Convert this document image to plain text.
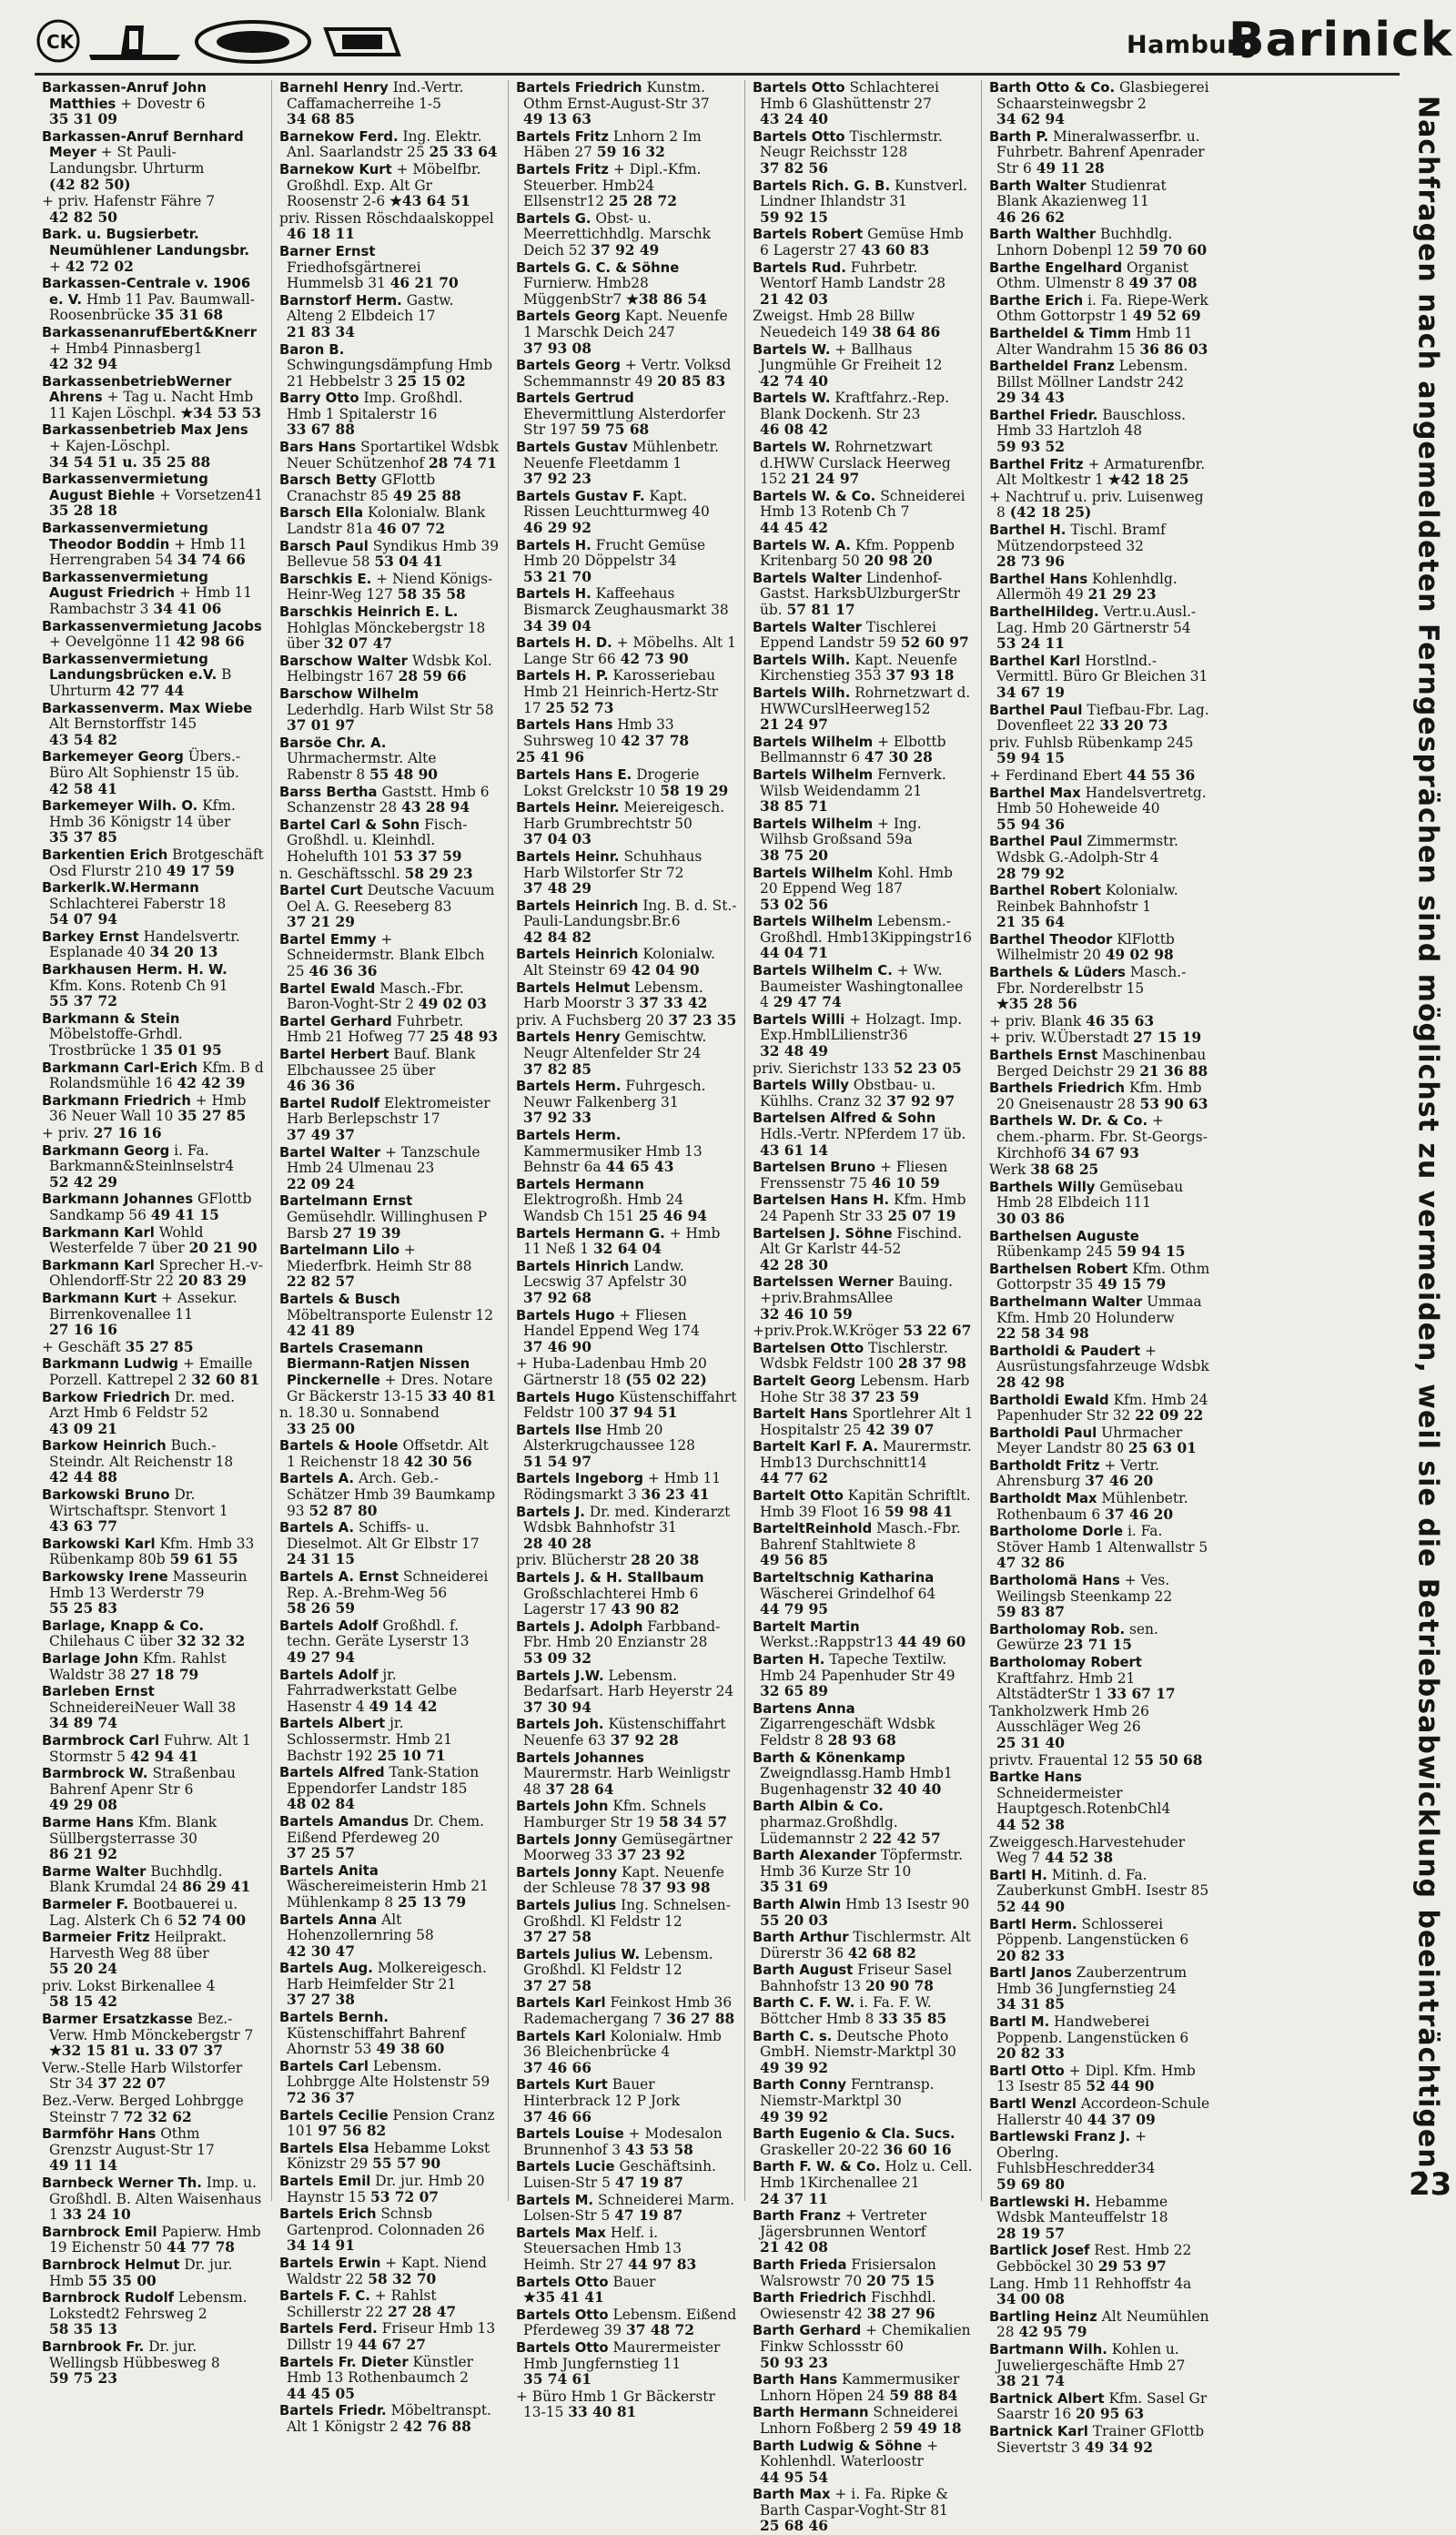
CK	Hamburg
Barinick
Barkassen-Anruf John Matthies + Dovestr 6 35 31 09
Barkassen-Anruf Bernhard Meyer + St Pauli-Landungsbr. Uhrturm (42 82 50)
+ priv. Hafenstr Fähre 7 42 82 50
Bark. u. Bugsierbetr. Neumühlener Landungsbr. + 42 72 02
Barkassen-Centrale v. 1906 e. V. Hmb 11 Pav. Baumwall-Roosenbrücke 35 31 68
BarkassenanrufEbert&Knerr + Hmb4 Pinnasberg1 42 32 94
BarkassenbetriebWerner Ahrens + Tag u. Nacht Hmb 11 Kajen Löschpl. ★34 53 53
Barkassenbetrieb Max Jens + Kajen-Löschpl. 34 54 51 u. 35 25 88
Barkassenvermietung August Biehle + Vorsetzen41 35 28 18
Barkassenvermietung Theodor Boddin + Hmb 11 Herrengraben 54 34 74 66
Barkassenvermietung August Friedrich + Hmb 11 Rambachstr 3 34 41 06
Barkassenvermietung Jacobs + Oevelgönne 11 42 98 66
Barkassenvermietung Landungsbrücken e.V. B Uhrturm 42 77 44
Barkassenverm. Max Wiebe Alt Bernstorffstr 145 43 54 82
Barkemeyer Georg Übers.-Büro Alt Sophienstr 15 üb. 42 58 41
Barkemeyer Wilh. O. Kfm. Hmb 36 Königstr 14 über 35 37 85
Barkentien Erich Brotgeschäft Osd Flurstr 210 49 17 59
Barkerlk.W.Hermann Schlachterei Faberstr 18 54 07 94
Barkey Ernst Handelsvertr. Esplanade 40 34 20 13
Barkhausen Herm. H. W. Kfm. Kons. Rotenb Ch 91 55 37 72
Barkmann & Stein Möbelstoffe-Grhdl. Trostbrücke 1 35 01 95
Barkmann Carl-Erich Kfm. B d Rolandsmühle 16 42 42 39
Barkmann Friedrich + Hmb 36 Neuer Wall 10 35 27 85
+ priv. 27 16 16
Barkmann Georg i. Fa. Barkmann&Steinlnselstr4 52 42 29
Barkmann Johannes GFlottb Sandkamp 56 49 41 15
Barkmann Karl Wohld Westerfelde 7 über 20 21 90
Barkmann Karl Sprecher H.-v-Ohlendorff-Str 22 20 83 29
Barkmann Kurt + Assekur. Birrenkovenallee 11 27 16 16
+ Geschäft 35 27 85
Barkmann Ludwig + Emaille Porzell. Kattrepel 2 32 60 81
Barkow Friedrich Dr. med. Arzt Hmb 6 Feldstr 52 43 09 21
Barkow Heinrich Buch.-Steindr. Alt Reichenstr 18 42 44 88
Barkowski Bruno Dr. Wirtschaftspr. Stenvort 1 43 63 77
Barkowski Karl Kfm. Hmb 33 Rübenkamp 80b 59 61 55
Barkowsky Irene Masseurin Hmb 13 Werderstr 79 55 25 83
Barlage, Knapp & Co. Chilehaus C über 32 32 32
Barlage John Kfm. Rahlst Waldstr 38 27 18 79
Barleben Ernst SchneidereiNeuer Wall 38 34 89 74
Barmbrock Carl Fuhrw. Alt 1 Stormstr 5 42 94 41
Barmbrock W. Straßenbau Bahrenf Apenr Str 6 49 29 08
Barme Hans Kfm. Blank Süllbergsterrasse 30 86 21 92
Barme Walter Buchhdlg. Blank Krumdal 24 86 29 41
Barmeler F. Bootbauerei u. Lag. Alsterk Ch 6 52 74 00
Barmeier Fritz Heilprakt. Harvesth Weg 88 über 55 20 24
priv. Lokst Birkenallee 4 58 15 42
Barmer Ersatzkasse Bez.-Verw. Hmb Mönckebergstr 7 ★32 15 81 u. 33 07 37
Verw.-Stelle Harb Wilstorfer Str 34 37 22 07
Bez.-Verw. Berged Lohbrgge Steinstr 7 72 32 62
Barmföhr Hans Othm Grenzstr August-Str 17 49 11 14
Barnbeck Werner Th. Imp. u. Großhdl. B. Alten Waisenhaus 1 33 24 10
Barnbrock Emil Papierw. Hmb 19 Eichenstr 50 44 77 78
Barnbrock Helmut Dr. jur. Hmb 55 35 00
Barnbrock Rudolf Lebensm. Lokstedt2 Fehrsweg 2 58 35 13
Barnbrook Fr. Dr. jur. Wellingsb Hübbesweg 8 59 75 23
Barnehl Henry Ind.-Vertr. Caffamacherreihe 1-5 34 68 85
Barnekow Ferd. Ing. Elektr. Anl. Saarlandstr 25 25 33 64
Barnekow Kurt + Möbelfbr. Großhdl. Exp. Alt Gr Roosenstr 2-6 ★43 64 51
priv. Rissen Röschdaalskoppel 46 18 11
Barner Ernst Friedhofsgärtnerei Hummelsb 31 46 21 70
Barnstorf Herm. Gastw. Alteng 2 Elbdeich 17 21 83 34
Baron B. Schwingungsdämpfung Hmb 21 Hebbelstr 3 25 15 02
Barry Otto Imp. Großhdl. Hmb 1 Spitalerstr 16 33 67 88
Bars Hans Sportartikel Wdsbk Neuer Schützenhof 28 74 71
Barsch Betty GFlottb Cranachstr 85 49 25 88
Barsch Ella Kolonialw. Blank Landstr 81a 46 07 72
Barsch Paul Syndikus Hmb 39 Bellevue 58 53 04 41
Barschkis E. + Niend Königs-Heinr-Weg 127 58 35 58
Barschkis Heinrich E. L. Hohlglas Mönckebergstr 18 über 32 07 47
Barschow Walter Wdsbk Kol. Helbingstr 167 28 59 66
Barschow Wilhelm Lederhdlg. Harb Wilst Str 58 37 01 97
Barsöe Chr. A. Uhrmachermstr. Alte Rabenstr 8 55 48 90
Barss Bertha Gaststt. Hmb 6 Schanzenstr 28 43 28 94
Bartel Carl & Sohn Fisch-Großhdl. u. Kleinhdl. Hohelufth 101 53 37 59
n. Geschäftsschl. 58 29 23
Bartel Curt Deutsche Vacuum Oel A. G. Reeseberg 83 37 21 29
Bartel Emmy + Schneidermstr. Blank Elbch 25 46 36 36
Bartel Ewald Masch.-Fbr. Baron-Voght-Str 2 49 02 03
Bartel Gerhard Fuhrbetr. Hmb 21 Hofweg 77 25 48 93
Bartel Herbert Bauf. Blank Elbchaussee 25 über 46 36 36
Bartel Rudolf Elektromeister Harb Berlepschstr 17 37 49 37
Bartel Walter + Tanzschule Hmb 24 Ulmenau 23 22 09 24
Bartelmann Ernst Gemüsehdlr. Willinghusen P Barsb 27 19 39
Bartelmann Lilo + Miederfbrk. Heimh Str 88 22 82 57
Bartels & Busch Möbeltransporte Eulenstr 12 42 41 89
Bartels Crasemann Biermann-Ratjen Nissen Pinckernelle + Dres. Notare Gr Bäckerstr 13-15 33 40 81
n. 18.30 u. Sonnabend 33 25 00
Bartels & Hoole Offsetdr. Alt 1 Reichenstr 18 42 30 56
Bartels A. Arch. Geb.-Schätzer Hmb 39 Baumkamp 93 52 87 80
Bartels A. Schiffs- u. Dieselmot. Alt Gr Elbstr 17 24 31 15
Bartels A. Ernst Schneiderei Rep. A.-Brehm-Weg 56 58 26 59
Bartels Adolf Großhdl. f. techn. Geräte Lyserstr 13 49 27 94
Bartels Adolf jr. Fahrradwerkstatt Gelbe Hasenstr 4 49 14 42
Bartels Albert jr. Schlossermstr. Hmb 21 Bachstr 192 25 10 71
Bartels Alfred Tank-Station Eppendorfer Landstr 185 48 02 84
Bartels Amandus Dr. Chem. Eißend Pferdeweg 20 37 25 57
Bartels Anita Wäschereimeisterin Hmb 21 Mühlenkamp 8 25 13 79
Bartels Anna Alt Hohenzollernring 58 42 30 47
Bartels Aug. Molkereigesch. Harb Heimfelder Str 21 37 27 38
Bartels Bernh. Küstenschiffahrt Bahrenf Ahornstr 53 49 38 60
Bartels Carl Lebensm. Lohbrgge Alte Holstenstr 59 72 36 37
Bartels Cecilie Pension Cranz 101 97 56 82
Bartels Elsa Hebamme Lokst Könizstr 29 55 57 90
Bartels Emil Dr. jur. Hmb 20 Haynstr 15 53 72 07
Bartels Erich Schnsb Gartenprod. Colonnaden 26 34 14 91
Bartels Erwin + Kapt. Niend Waldstr 22 58 32 70
Bartels F. C. + Rahlst Schillerstr 22 27 28 47
Bartels Ferd. Friseur Hmb 13 Dillstr 19 44 67 27
Bartels Fr. Dieter Künstler Hmb 13 Rothenbaumch 2 44 45 05
Bartels Friedr. Möbeltranspt. Alt 1 Königstr 2 42 76 88
Bartels Friedrich Kunstm. Othm Ernst-August-Str 37 49 13 63
Bartels Fritz Lnhorn 2 Im Häben 27 59 16 32
Bartels Fritz + Dipl.-Kfm. Steuerber. Hmb24 Ellsenstr12 25 28 72
Bartels G. Obst- u. Meerrettichhdlg. Marschk Deich 52 37 92 49
Bartels G. C. & Söhne Furnierw. Hmb28 MüggenbStr7 ★38 86 54
Bartels Georg Kapt. Neuenfe 1 Marschk Deich 247 37 93 08
Bartels Georg + Vertr. Volksd Schemmannstr 49 20 85 83
Bartels Gertrud Ehevermittlung Alsterdorfer Str 197 59 75 68
Bartels Gustav Mühlenbetr. Neuenfe Fleetdamm 1 37 92 23
Bartels Gustav F. Kapt. Rissen Leuchtturmweg 40 46 29 92
Bartels H. Frucht Gemüse Hmb 20 Döppelstr 34 53 21 70
Bartels H. Kaffeehaus Bismarck Zeughausmarkt 38 34 39 04
Bartels H. D. + Möbelhs. Alt 1 Lange Str 66 42 73 90
Bartels H. P. Karosseriebau Hmb 21 Heinrich-Hertz-Str 17 25 52 73
Bartels Hans Hmb 33 Suhrsweg 10 42 37 78
25 41 96
Bartels Hans E. Drogerie Lokst Grelckstr 10 58 19 29
Bartels Heinr. Meiereigesch. Harb Grumbrechtstr 50 37 04 03
Bartels Heinr. Schuhhaus Harb Wilstorfer Str 72 37 48 29
Bartels Heinrich Ing. B. d. St.-Pauli-Landungsbr.Br.6 42 84 82
Bartels Heinrich Kolonialw. Alt Steinstr 69 42 04 90
Bartels Helmut Lebensm. Harb Moorstr 3 37 33 42
priv. A Fuchsberg 20 37 23 35
Bartels Henry Gemischtw. Neugr Altenfelder Str 24 37 82 85
Bartels Herm. Fuhrgesch. Neuwr Falkenberg 31 37 92 33
Bartels Herm. Kammermusiker Hmb 13 Behnstr 6a 44 65 43
Bartels Hermann Elektrogroßh. Hmb 24 Wandsb Ch 151 25 46 94
Bartels Hermann G. + Hmb 11 Neß 1 32 64 04
Bartels Hinrich Landw. Lecswig 37 Apfelstr 30 37 92 68
Bartels Hugo + Fliesen Handel Eppend Weg 174 37 46 90
+ Huba-Ladenbau Hmb 20 Gärtnerstr 18 (55 02 22)
Bartels Hugo Küstenschiffahrt Feldstr 100 37 94 51
Bartels Ilse Hmb 20 Alsterkrugchaussee 128 51 54 97
Bartels Ingeborg + Hmb 11 Rödingsmarkt 3 36 23 41
Bartels J. Dr. med. Kinderarzt Wdsbk Bahnhofstr 31 28 40 28
priv. Blücherstr 28 20 38
Bartels J. & H. Stallbaum Großschlachterei Hmb 6 Lagerstr 17 43 90 82
Bartels J. Adolph Farbband-Fbr. Hmb 20 Enzianstr 28 53 09 32
Bartels J.W. Lebensm. Bedarfsart. Harb Heyerstr 24 37 30 94
Bartels Joh. Küstenschiffahrt Neuenfe 63 37 92 28
Bartels Johannes Maurermstr. Harb Weinligstr 48 37 28 64
Bartels John Kfm. Schnels Hamburger Str 19 58 34 57
Bartels Jonny Gemüsegärtner Moorweg 33 37 23 92
Bartels Jonny Kapt. Neuenfe der Schleuse 78 37 93 98
Bartels Julius Ing. Schnelsen-Großhdl. Kl Feldstr 12 37 27 58
Bartels Julius W. Lebensm. Großhdl. Kl Feldstr 12 37 27 58
Bartels Karl Feinkost Hmb 36 Rademachergang 7 36 27 88
Bartels Karl Kolonialw. Hmb 36 Bleichenbrücke 4 37 46 66
Bartels Kurt Bauer Hinterbrack 12 P Jork 37 46 66
Bartels Louise + Modesalon Brunnenhof 3 43 53 58
Bartels Lucie Geschäftsinh. Luisen-Str 5 47 19 87
Bartels M. Schneiderei Marm. Lolsen-Str 5 47 19 87
Bartels Max Helf. i. Steuersachen Hmb 13 Heimh. Str 27 44 97 83
Bartels Otto Bauer ★35 41 41
Bartels Otto Lebensm. Eißend Pferdeweg 39 37 48 72
Bartels Otto Maurermeister Hmb Jungfernstieg 11 35 74 61
+ Büro Hmb 1 Gr Bäckerstr 13-15 33 40 81
Bartels Otto Schlachterei Hmb 6 Glashüttenstr 27 43 24 40
Bartels Otto Tischlermstr. Neugr Reichsstr 128 37 82 56
Bartels Rich. G. B. Kunstverl. Lindner Ihlandstr 31 59 92 15
Bartels Robert Gemüse Hmb 6 Lagerstr 27 43 60 83
Bartels Rud. Fuhrbetr. Wentorf Hamb Landstr 28 21 42 03
Zweigst. Hmb 28 Billw Neuedeich 149 38 64 86
Bartels W. + Ballhaus Jungmühle Gr Freiheit 12 42 74 40
Bartels W. Kraftfahrz.-Rep. Blank Dockenh. Str 23 46 08 42
Bartels W. Rohrnetzwart d.HWW Curslack Heerweg 152 21 24 97
Bartels W. & Co. Schneiderei Hmb 13 Rotenb Ch 7 44 45 42
Bartels W. A. Kfm. Poppenb Kritenbarg 50 20 98 20
Bartels Walter Lindenhof-Gastst. HarksbUlzburgerStr üb. 57 81 17
Bartels Walter Tischlerei Eppend Landstr 59 52 60 97
Bartels Wilh. Kapt. Neuenfe Kirchenstieg 353 37 93 18
Bartels Wilh. Rohrnetzwart d. HWWCurslHeerweg152 21 24 97
Bartels Wilhelm + Elbottb Bellmannstr 6 47 30 28
Bartels Wilhelm Fernverk. Wilsb Weidendamm 21 38 85 71
Bartels Wilhelm + Ing. Wilhsb Großsand 59a 38 75 20
Bartels Wilhelm Kohl. Hmb 20 Eppend Weg 187 53 02 56
Bartels Wilhelm Lebensm.-Großhdl. Hmb13Kippingstr16 44 04 71
Bartels Wilhelm C. + Ww. Baumeister Washingtonallee 4 29 47 74
Bartels Willi + Holzagt. Imp. Exp.HmblLilienstr36 32 48 49
priv. Sierichstr 133 52 23 05
Bartels Willy Obstbau- u. Kühlhs. Cranz 32 37 92 97
Bartelsen Alfred & Sohn Hdls.-Vertr. NPferdem 17 üb. 43 61 14
Bartelsen Bruno + Fliesen Frenssenstr 75 46 10 59
Bartelsen Hans H. Kfm. Hmb 24 Papenh Str 33 25 07 19
Bartelsen J. Söhne Fischind. Alt Gr Karlstr 44-52 42 28 30
Bartelssen Werner Bauing. +priv.BrahmsAllee 32 46 10 59
+priv.Prok.W.Kröger 53 22 67
Bartelsen Otto Tischlerstr. Wdsbk Feldstr 100 28 37 98
Bartelt Georg Lebensm. Harb Hohe Str 38 37 23 59
Bartelt Hans Sportlehrer Alt 1 Hospitalstr 25 42 39 07
Bartelt Karl F. A. Maurermstr. Hmb13 Durchschnitt14 44 77 62
Bartelt Otto Kapitän Schriftlt. Hmb 39 Floot 16 59 98 41
BarteltReinhold Masch.-Fbr. Bahrenf Stahltwiete 8 49 56 85
Barteltschnig Katharina Wäscherei Grindelhof 64 44 79 95
Bartelt Martin Werkst.:Rappstr13 44 49 60
Barten H. Tapeche Textilw. Hmb 24 Papenhuder Str 49 32 65 89
Bartens Anna Zigarrengeschäft Wdsbk Feldstr 8 28 93 68
Barth & Könenkamp Zweigndlassg.Hamb Hmb1 Bugenhagenstr 32 40 40
Barth Albin & Co. pharmaz.Großhdlg. Lüdemannstr 2 22 42 57
Barth Alexander Töpfermstr. Hmb 36 Kurze Str 10 35 31 69
Barth Alwin Hmb 13 Isestr 90 55 20 03
Barth Arthur Tischlermstr. Alt Dürerstr 36 42 68 82
Barth August Friseur Sasel Bahnhofstr 13 20 90 78
Barth C. F. W. i. Fa. F. W. Böttcher Hmb 8 33 35 85
Barth C. s. Deutsche Photo GmbH. Niemstr-Marktpl 30 49 39 92
Barth Conny Ferntransp. Niemstr-Marktpl 30 49 39 92
Barth Eugenio & Cla. Sucs. Graskeller 20-22 36 60 16
Barth F. W. & Co. Holz u. Cell. Hmb 1Kirchenallee 21 24 37 11
Barth Franz + Vertreter Jägersbrunnen Wentorf 21 42 08
Barth Frieda Frisiersalon Walsrowstr 70 20 75 15
Barth Friedrich Fischhdl. Owiesenstr 42 38 27 96
Barth Gerhard + Chemikalien Finkw Schlossstr 60 50 93 23
Barth Hans Kammermusiker Lnhorn Höpen 24 59 88 84
Barth Hermann Schneiderei Lnhorn Foßberg 2 59 49 18
Barth Ludwig & Söhne + Kohlenhdl. Waterloostr 44 95 54
Barth Max + i. Fa. Ripke & Barth Caspar-Voght-Str 81 25 68 46
Barth Otto & Co. Glasbiegerei Schaarsteinwegsbr 2 34 62 94
Barth P. Mineralwasserfbr. u. Fuhrbetr. Bahrenf Apenrader Str 6 49 11 28
Barth Walter Studienrat Blank Akazienweg 11 46 26 62
Barth Walther Buchhdlg. Lnhorn Dobenpl 12 59 70 60
Barthe Engelhard Organist Othm. Ulmenstr 8 49 37 08
Barthe Erich i. Fa. Riepe-Werk Othm Gottorpstr 1 49 52 69
Bartheldel & Timm Hmb 11 Alter Wandrahm 15 36 86 03
Bartheldel Franz Lebensm. Billst Möllner Landstr 242 29 34 43
Barthel Friedr. Bauschloss. Hmb 33 Hartzloh 48 59 93 52
Barthel Fritz + Armaturenfbr. Alt Moltkestr 1 ★42 18 25
+ Nachtruf u. priv. Luisenweg 8 (42 18 25)
Barthel H. Tischl. Bramf Mützendorpsteed 32 28 73 96
Barthel Hans Kohlenhdlg. Allermöh 49 21 29 23
BarthelHildeg. Vertr.u.Ausl.-Lag. Hmb 20 Gärtnerstr 54 53 24 11
Barthel Karl Horstlnd.-Vermittl. Büro Gr Bleichen 31 34 67 19
Barthel Paul Tiefbau-Fbr. Lag. Dovenfleet 22 33 20 73
priv. Fuhlsb Rübenkamp 245 59 94 15
+ Ferdinand Ebert 44 55 36
Barthel Max Handelsvertretg. Hmb 50 Hoheweide 40 55 94 36
Barthel Paul Zimmermstr. Wdsbk G.-Adolph-Str 4 28 79 92
Barthel Robert Kolonialw. Reinbek Bahnhofstr 1 21 35 64
Barthel Theodor KlFlottb Wilhelmistr 20 49 02 98
Barthels & Lüders Masch.-Fbr. Norderelbstr 15 ★35 28 56
+ priv. Blank 46 35 63
+ priv. W.Überstadt 27 15 19
Barthels Ernst Maschinenbau Berged Deichstr 29 21 36 88
Barthels Friedrich Kfm. Hmb 20 Gneisenaustr 28 53 90 63
Barthels W. Dr. & Co. + chem.-pharm. Fbr. St-Georgs-Kirchhof6 34 67 93
Werk 38 68 25
Barthels Willy Gemüsebau Hmb 28 Elbdeich 111 30 03 86
Barthelsen Auguste Rübenkamp 245 59 94 15
Barthelsen Robert Kfm. Othm Gottorpstr 35 49 15 79
Barthelmann Walter Ummaa Kfm. Hmb 20 Holunderw 22 58 34 98
Bartholdi & Paudert + Ausrüstungsfahrzeuge Wdsbk 28 42 98
Bartholdi Ewald Kfm. Hmb 24 Papenhuder Str 32 22 09 22
Bartholdi Paul Uhrmacher Meyer Landstr 80 25 63 01
Bartholdt Fritz + Vertr. Ahrensburg 37 46 20
Bartholdt Max Mühlenbetr. Rothenbaum 6 37 46 20
Bartholome Dorle i. Fa. Stöver Hamb 1 Altenwallstr 5 47 32 86
Bartholomä Hans + Ves. Weilingsb Steenkamp 22 59 83 87
Bartholomay Rob. sen. Gewürze 23 71 15
Bartholomay Robert Kraftfahrz. Hmb 21 AltstädterStr 1 33 67 17
Tankholzwerk Hmb 26 Ausschläger Weg 26 25 31 40
privtv. Frauental 12 55 50 68
Bartke Hans Schneidermeister Hauptgesch.RotenbChl4 44 52 38
Zweiggesch.Harvestehuder Weg 7 44 52 38
Bartl H. Mitinh. d. Fa. Zauberkunst GmbH. Isestr 85 52 44 90
Bartl Herm. Schlosserei Pöppenb. Langenstücken 6 20 82 33
Bartl Janos Zauberzentrum Hmb 36 Jungfernstieg 24 34 31 85
Bartl M. Handweberei Poppenb. Langenstücken 6 20 82 33
Bartl Otto + Dipl. Kfm. Hmb 13 Isestr 85 52 44 90
Bartl Wenzl Accordeon-Schule Hallerstr 40 44 37 09
Bartlewski Franz J. + Oberlng. FuhlsbHeschredder34 59 69 80
Bartlewski H. Hebamme Wdsbk Manteuffelstr 18 28 19 57
Bartlick Josef Rest. Hmb 22 Gebböckel 30 29 53 97
Lang. Hmb 11 Rehhoffstr 4a 34 00 08
Bartling Heinz Alt Neumühlen 28 42 95 79
Bartmann Wilh. Kohlen u. Juweliergeschäfte Hmb 27 38 21 74
Bartnick Albert Kfm. Sasel Gr Saarstr 16 20 95 63
Bartnick Karl Trainer GFlottb Sievertstr 3 49 34 92
Nachfragen nach angemeldeten Ferngesprächen sind möglichst zu vermeiden, weil sie die Betriebsabwicklung beeinträchtigen.
23
